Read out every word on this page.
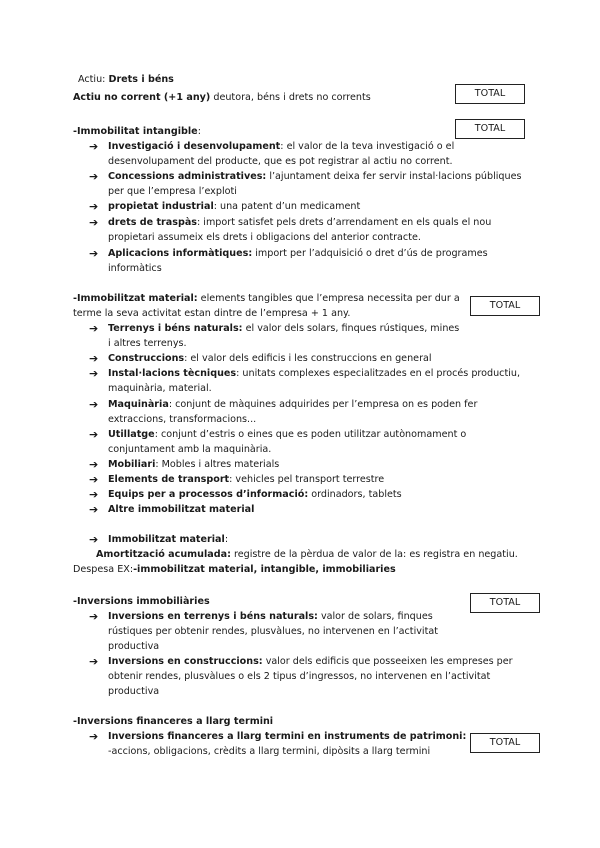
TOTAL
TOTAL
TOTAL
TOTAL
TOTAL
Actiu: Drets i béns
Actiu no corrent (+1 any) deutora, béns i drets no corrents
-Immobilitat intangible:
➔ Investigació i desenvolupament: el valor de la teva investigació o el
desenvolupament del producte, que es pot registrar al actiu no corrent.
➔ Concessions administratives: l’ajuntament deixa fer servir instal·lacions públiques
per que l’empresa l’exploti
➔ propietat industrial: una patent d’un medicament
➔ drets de traspàs: import satisfet pels drets d’arrendament en els quals el nou
propietari assumeix els drets i obligacions del anterior contracte.
➔ Aplicacions informàtiques: import per l’adquisició o dret d’ús de programes
informàtics
-Immobilitzat material: elements tangibles que l’empresa necessita per dur a
terme la seva activitat estan dintre de l’empresa + 1 any.
➔ Terrenys i béns naturals: el valor dels solars, finques rústiques, mines
i altres terrenys.
➔ Construccions: el valor dels edificis i les construccions en general
➔ Instal·lacions tècniques: unitats complexes especialitzades en el procés productiu,
maquinària, material.
➔ Maquinària: conjunt de màquines adquirides per l’empresa on es poden fer
extraccions, transformacions...
➔ Utillatge: conjunt d’estris o eines que es poden utilitzar autònomament o
conjuntament amb la maquinària.
➔ Mobiliari: Mobles i altres materials
➔ Elements de transport: vehicles pel transport terrestre
➔ Equips per a processos d’informació: ordinadors, tablets
➔ Altre immobilitzat material
➔ Immobilitzat material:
Amortització acumulada: registre de la pèrdua de valor de la: es registra en negatiu.
Despesa EX:-immobilitzat material, intangible, immobiliaries
-Inversions immobiliàries
➔ Inversions en terrenys i béns naturals: valor de solars, finques
rústiques per obtenir rendes, plusvàlues, no intervenen en l’activitat
productiva
➔ Inversions en construccions: valor dels edificis que posseeixen les empreses per
obtenir rendes, plusvàlues o els 2 tipus d’ingressos, no intervenen en l’activitat
productiva
-Inversions financeres a llarg termini
➔ Inversions financeres a llarg termini en instruments de patrimoni:
-accions, obligacions, crèdits a llarg termini, dipòsits a llarg termini
